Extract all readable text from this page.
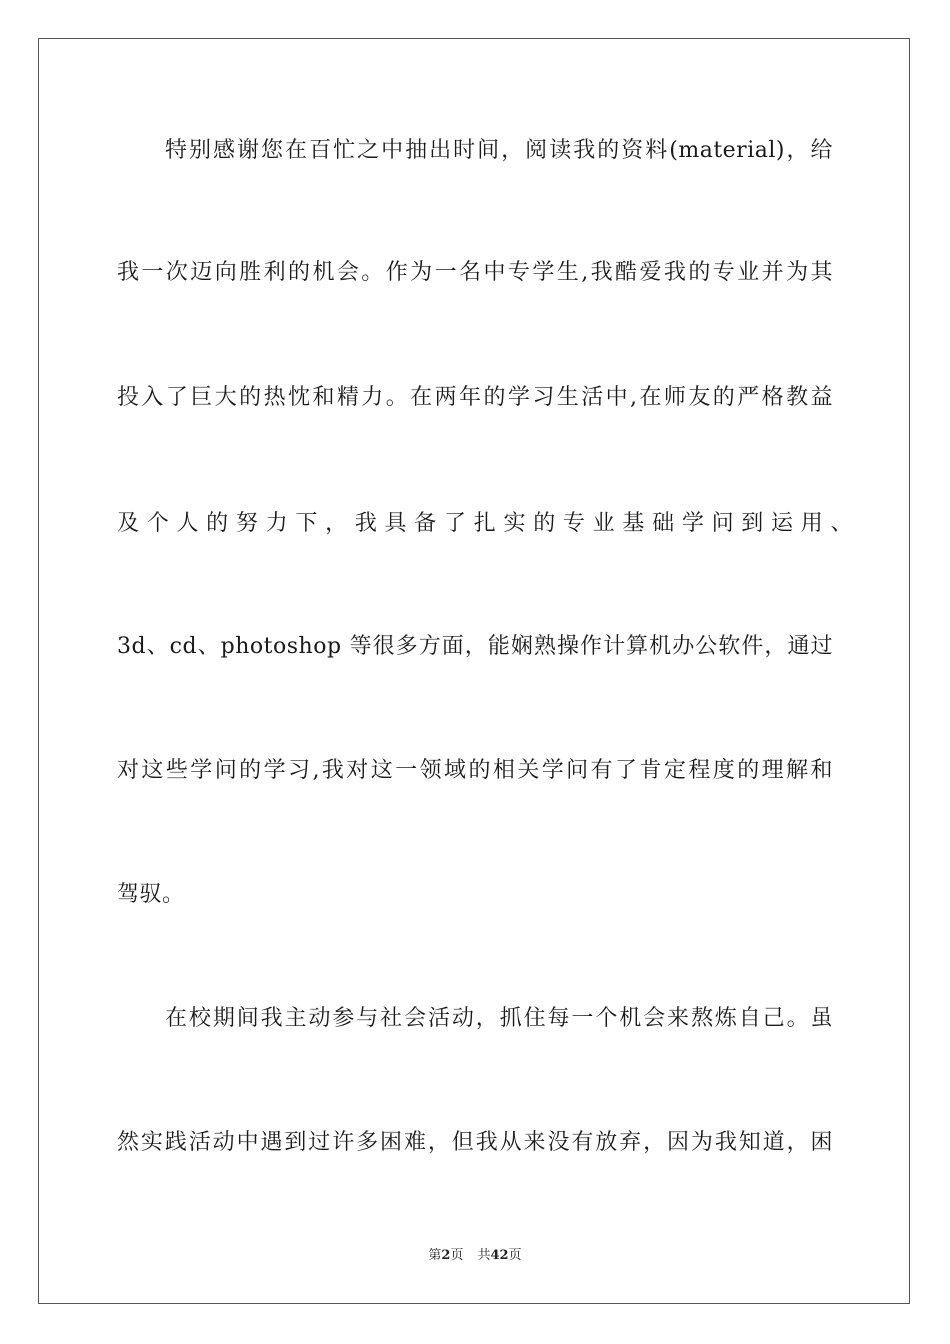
特别感谢您在百忙之中抽出时间，阅读我的资料(material)，给
我一次迈向胜利的机会。作为一名中专学生,我酷爱我的专业并为其
投入了巨大的热忱和精力。在两年的学习生活中,在师友的严格教益
及个人的努力下，我具备了扎实的专业基础学问到运用、
3d、cd、photoshop 等很多方面，能娴熟操作计算机办公软件，通过
对这些学问的学习,我对这一领域的相关学问有了肯定程度的理解和
驾驭。
在校期间我主动参与社会活动，抓住每一个机会来熬炼自己。虽
然实践活动中遇到过许多困难，但我从来没有放弃，因为我知道，困
第2页 共42页
